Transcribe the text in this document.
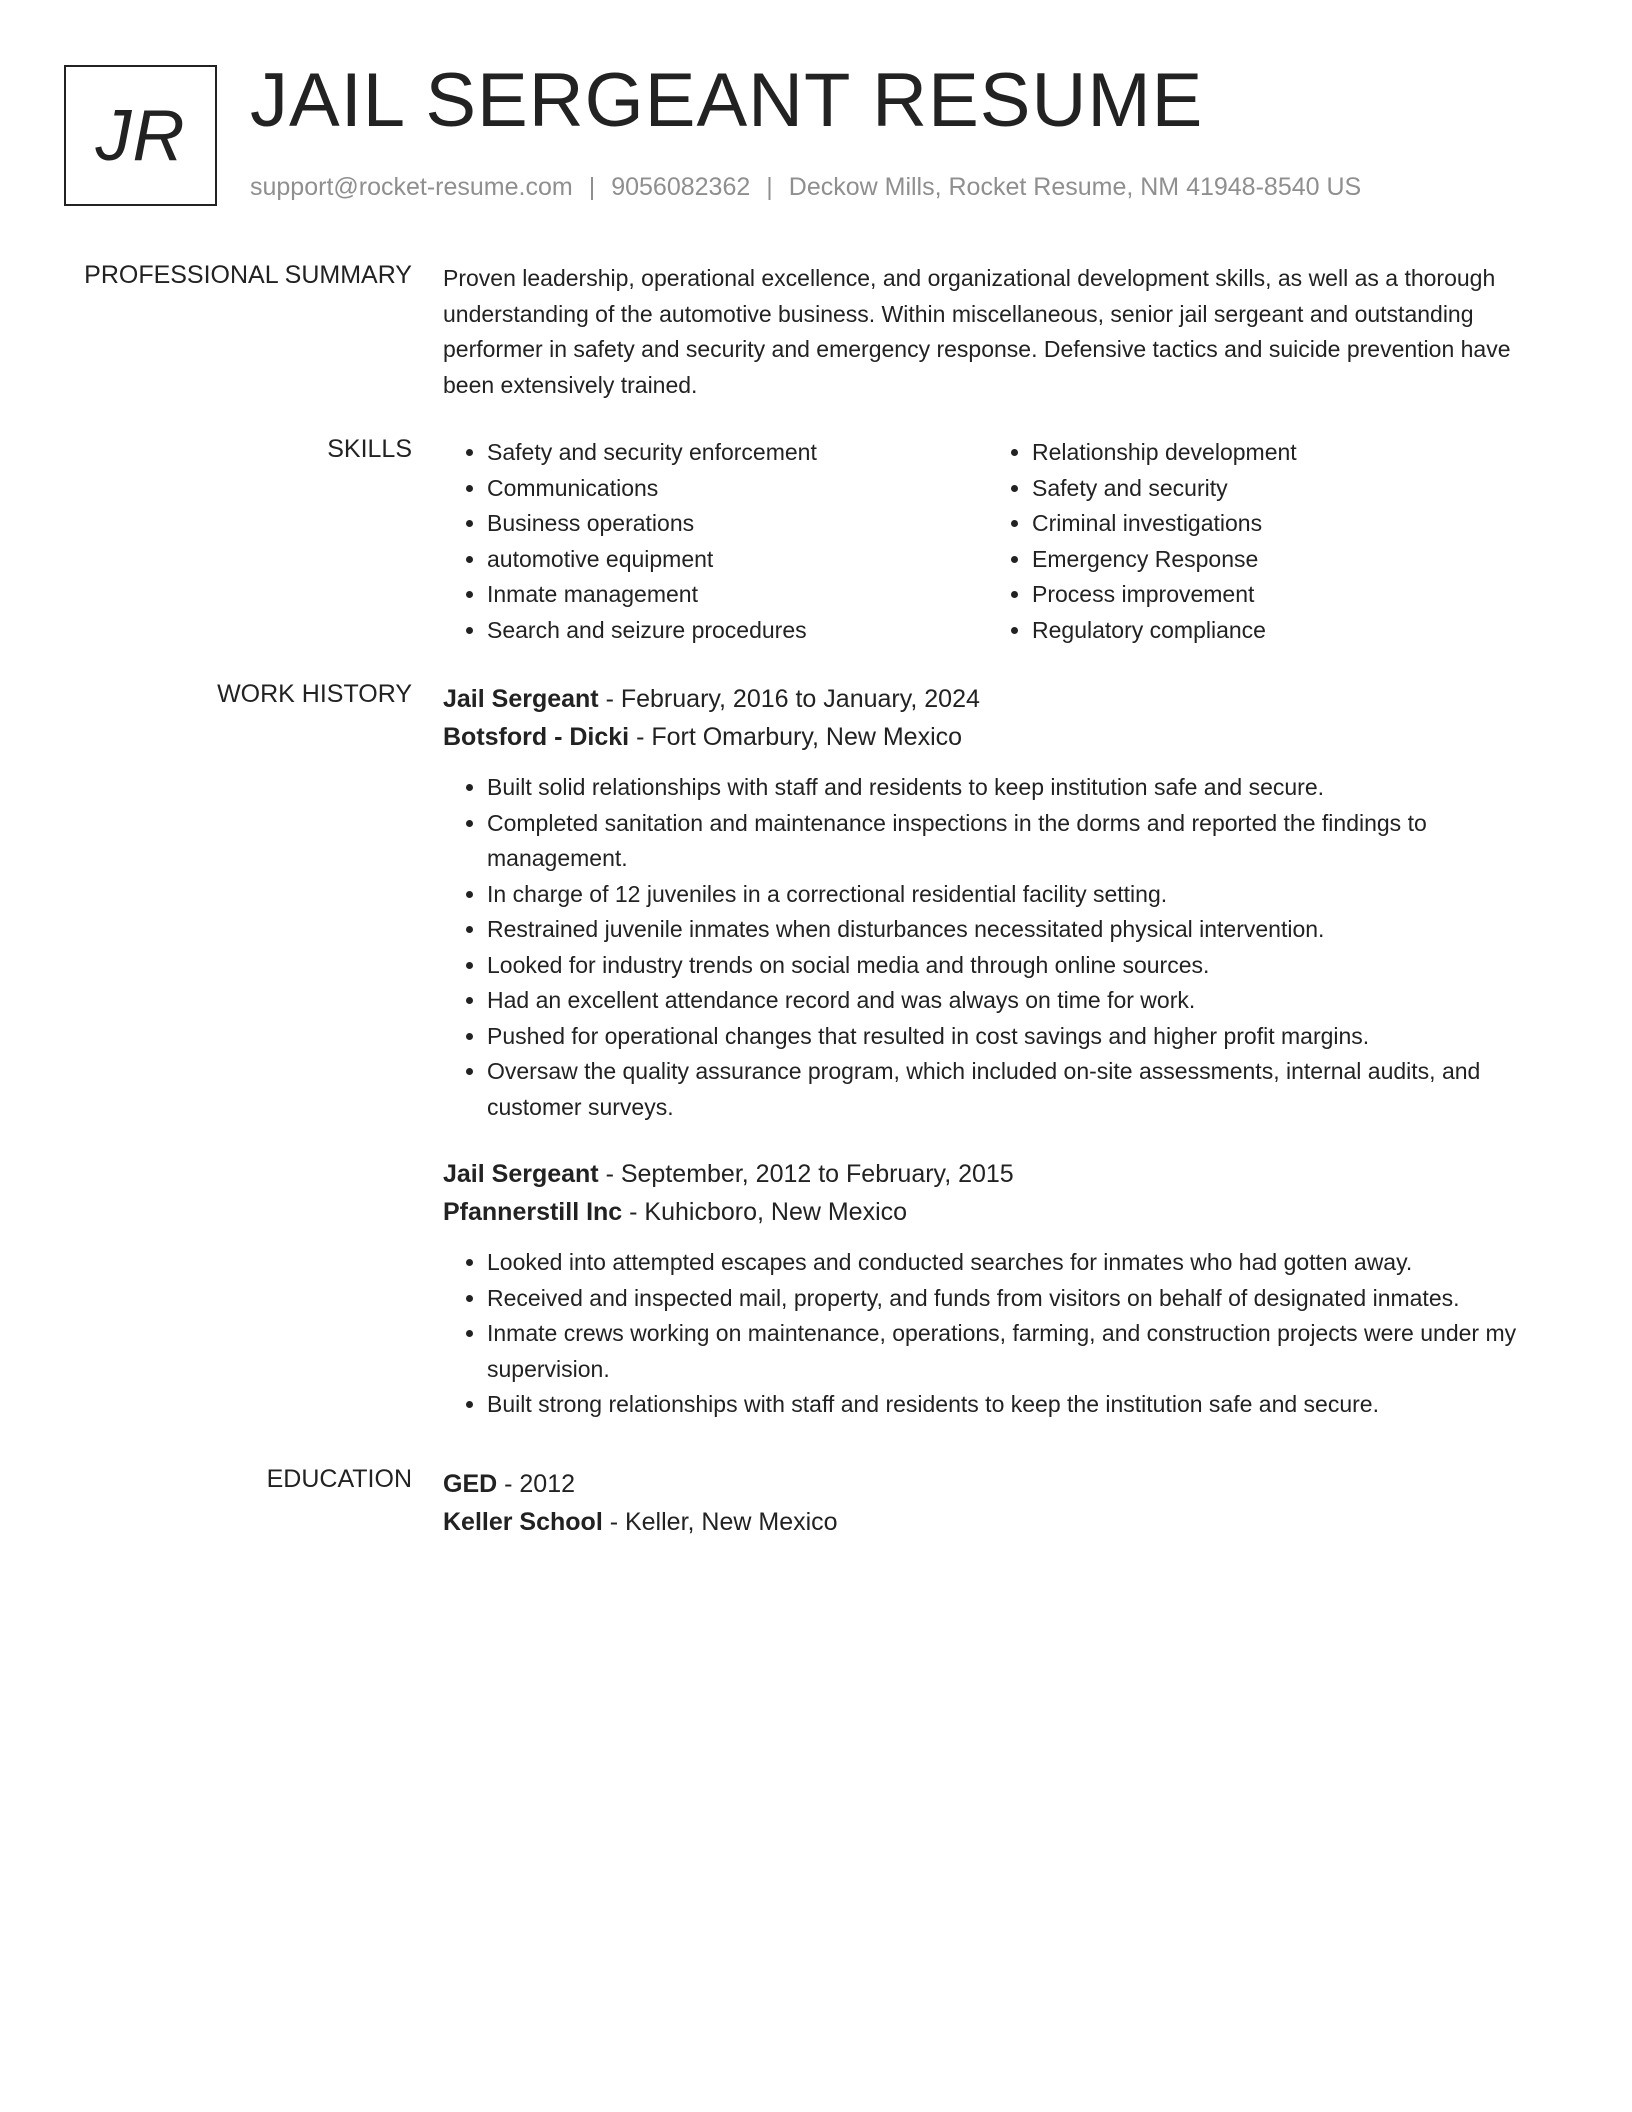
JR JAIL SERGEANT RESUME
support@rocket-resume.com | 9056082362 | Deckow Mills, Rocket Resume, NM 41948-8540 US
PROFESSIONAL SUMMARY Proven leadership, operational excellence, and organizational development skills, as well as a thorough understanding of the automotive business. Within miscellaneous, senior jail sergeant and outstanding performer in safety and security and emergency response. Defensive tactics and suicide prevention have been extensively trained.

SKILLS
•	Safety and security enforcement
• Communications
• Business operations
• automotive equipment
• Inmate management
• Search and seizure procedures
• Relationship development
• Safety and security
• Criminal investigations
• Emergency Response
• Process improvement
• Regulatory compliance
WORK HISTORY Jail Sergeant - February, 2016 to January, 2024

Botsford - Dicki - Fort Omarbury, New Mexico

• Built solid relationships with staff and residents to keep institution safe and secure.
• Completed sanitation and maintenance inspections in the dorms and reported the findings to management.
• In charge of 12 juveniles in a correctional residential facility setting.
• Restrained juvenile inmates when disturbances necessitated physical intervention.
• Looked for industry trends on social media and through online sources.
• Had an excellent attendance record and was always on time for work.
• Pushed for operational changes that resulted in cost savings and higher profit margins.
• Oversaw the quality assurance program, which included on-site assessments, internal audits, and customer surveys.

Jail Sergeant - September, 2012 to February, 2015

Pfannerstill Inc - Kuhicboro, New Mexico

• Looked into attempted escapes and conducted searches for inmates who had gotten away.
• Received and inspected mail, property, and funds from visitors on behalf of designated inmates.
• Inmate crews working on maintenance, operations, farming, and construction projects were under my supervision.
• Built strong relationships with staff and residents to keep the institution safe and secure.
EDUCATION GED - 2012

Keller School - Keller, New Mexico
